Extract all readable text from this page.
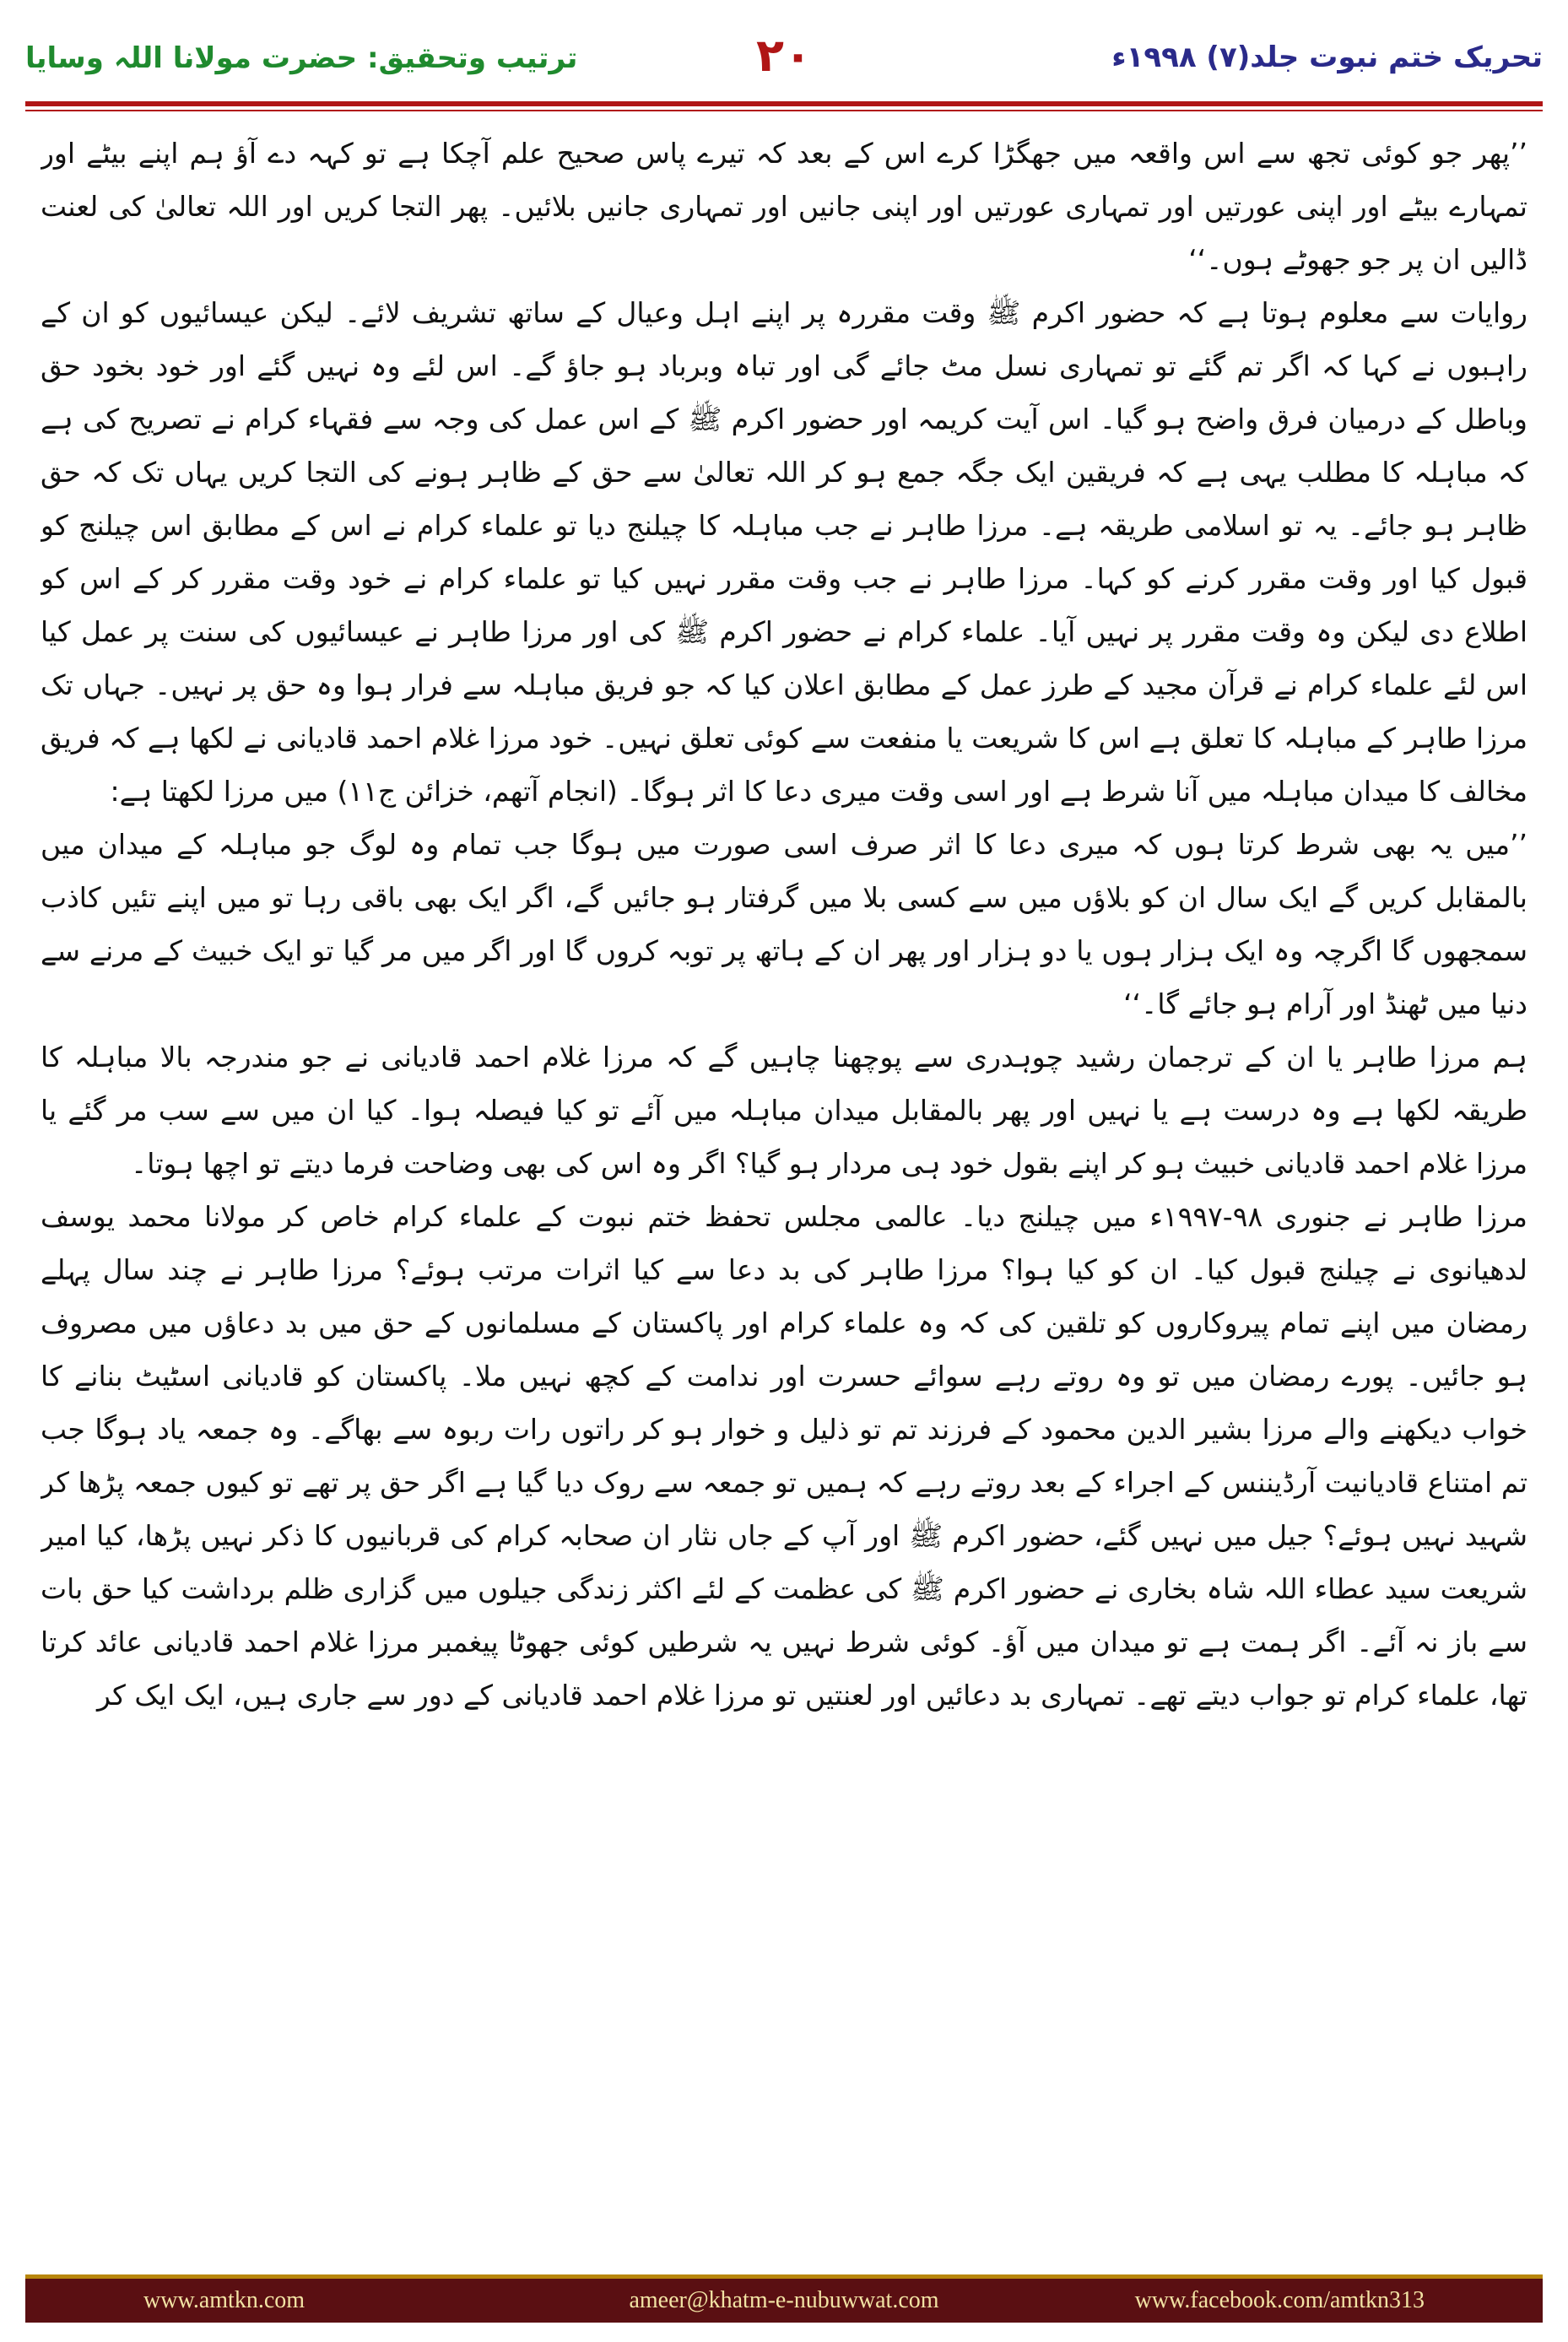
ترتیب وتحقیق: حضرت مولانا اللہ وسایا	۲۰	تحریک ختم نبوت جلد(۷) ۱۹۹۸ء

’’پھر جو کوئی تجھ سے اس واقعہ میں جھگڑا کرے اس کے بعد کہ تیرے پاس صحیح علم آچکا ہے تو کہہ دے آؤ ہم اپنے بیٹے اور تمہارے بیٹے اور اپنی عورتیں اور تمہاری عورتیں اور اپنی جانیں اور تمہاری جانیں بلائیں۔ پھر التجا کریں اور اللہ تعالیٰ کی لعنت ڈالیں ان پر جو جھوٹے ہوں۔‘‘

روایات سے معلوم ہوتا ہے کہ حضور اکرم ﷺ وقت مقررہ پر اپنے اہل وعیال کے ساتھ تشریف لائے۔ لیکن عیسائیوں کو ان کے راہبوں نے کہا کہ اگر تم گئے تو تمہاری نسل مٹ جائے گی اور تباہ وبرباد ہو جاؤ گے۔ اس لئے وہ نہیں گئے اور خود بخود حق وباطل کے درمیان فرق واضح ہو گیا۔ اس آیت کریمہ اور حضور اکرم ﷺ کے اس عمل کی وجہ سے فقہاء کرام نے تصریح کی ہے کہ مباہلہ کا مطلب یہی ہے کہ فریقین ایک جگہ جمع ہو کر اللہ تعالیٰ سے حق کے ظاہر ہونے کی التجا کریں یہاں تک کہ حق ظاہر ہو جائے۔ یہ تو اسلامی طریقہ ہے۔ مرزا طاہر نے جب مباہلہ کا چیلنج دیا تو علماء کرام نے اس کے مطابق اس چیلنج کو قبول کیا اور وقت مقرر کرنے کو کہا۔ مرزا طاہر نے جب وقت مقرر نہیں کیا تو علماء کرام نے خود وقت مقرر کر کے اس کو اطلاع دی لیکن وہ وقت مقرر پر نہیں آیا۔ علماء کرام نے حضور اکرم ﷺ کی اور مرزا طاہر نے عیسائیوں کی سنت پر عمل کیا اس لئے علماء کرام نے قرآن مجید کے طرز عمل کے مطابق اعلان کیا کہ جو فریق مباہلہ سے فرار ہوا وہ حق پر نہیں۔ جہاں تک مرزا طاہر کے مباہلہ کا تعلق ہے اس کا شریعت یا منفعت سے کوئی تعلق نہیں۔ خود مرزا غلام احمد قادیانی نے لکھا ہے کہ فریق مخالف کا میدان مباہلہ میں آنا شرط ہے اور اسی وقت میری دعا کا اثر ہوگا۔ (انجام آتھم، خزائن ج۱۱) میں مرزا لکھتا ہے:

’’میں یہ بھی شرط کرتا ہوں کہ میری دعا کا اثر صرف اسی صورت میں ہوگا جب تمام وہ لوگ جو مباہلہ کے میدان میں بالمقابل کریں گے ایک سال ان کو بلاؤں میں سے کسی بلا میں گرفتار ہو جائیں گے، اگر ایک بھی باقی رہا تو میں اپنے تئیں کاذب سمجھوں گا اگرچہ وہ ایک ہزار ہوں یا دو ہزار اور پھر ان کے ہاتھ پر توبہ کروں گا اور اگر میں مر گیا تو ایک خبیث کے مرنے سے دنیا میں ٹھنڈ اور آرام ہو جائے گا۔‘‘

ہم مرزا طاہر یا ان کے ترجمان رشید چوہدری سے پوچھنا چاہیں گے کہ مرزا غلام احمد قادیانی نے جو مندرجہ بالا مباہلہ کا طریقہ لکھا ہے وہ درست ہے یا نہیں اور پھر بالمقابل میدان مباہلہ میں آئے تو کیا فیصلہ ہوا۔ کیا ان میں سے سب مر گئے یا مرزا غلام احمد قادیانی خبیث ہو کر اپنے بقول خود ہی مردار ہو گیا؟ اگر وہ اس کی بھی وضاحت فرما دیتے تو اچھا ہوتا۔

مرزا طاہر نے جنوری ۹۸-۱۹۹۷ء میں چیلنج دیا۔ عالمی مجلس تحفظ ختم نبوت کے علماء کرام خاص کر مولانا محمد یوسف لدھیانوی نے چیلنج قبول کیا۔ ان کو کیا ہوا؟ مرزا طاہر کی بد دعا سے کیا اثرات مرتب ہوئے؟ مرزا طاہر نے چند سال پہلے رمضان میں اپنے تمام پیروکاروں کو تلقین کی کہ وہ علماء کرام اور پاکستان کے مسلمانوں کے حق میں بد دعاؤں میں مصروف ہو جائیں۔ پورے رمضان میں تو وہ روتے رہے سوائے حسرت اور ندامت کے کچھ نہیں ملا۔ پاکستان کو قادیانی اسٹیٹ بنانے کا خواب دیکھنے والے مرزا بشیر الدین محمود کے فرزند تم تو ذلیل و خوار ہو کر راتوں رات ربوہ سے بھاگے۔ وہ جمعہ یاد ہوگا جب تم امتناع قادیانیت آرڈیننس کے اجراء کے بعد روتے رہے کہ ہمیں تو جمعہ سے روک دیا گیا ہے اگر حق پر تھے تو کیوں جمعہ پڑھا کر شہید نہیں ہوئے؟ جیل میں نہیں گئے، حضور اکرم ﷺ اور آپ کے جاں نثار ان صحابہ کرام کی قربانیوں کا ذکر نہیں پڑھا، کیا امیر شریعت سید عطاء اللہ شاہ بخاری نے حضور اکرم ﷺ کی عظمت کے لئے اکثر زندگی جیلوں میں گزاری ظلم برداشت کیا حق بات سے باز نہ آئے۔ اگر ہمت ہے تو میدان میں آؤ۔ کوئی شرط نہیں یہ شرطیں کوئی جھوٹا پیغمبر مرزا غلام احمد قادیانی عائد کرتا تھا، علماء کرام تو جواب دیتے تھے۔ تمہاری بد دعائیں اور لعنتیں تو مرزا غلام احمد قادیانی کے دور سے جاری ہیں، ایک ایک کر

www.amtkn.com	ameer@khatm-e-nubuwwat.com	www.facebook.com/amtkn313
